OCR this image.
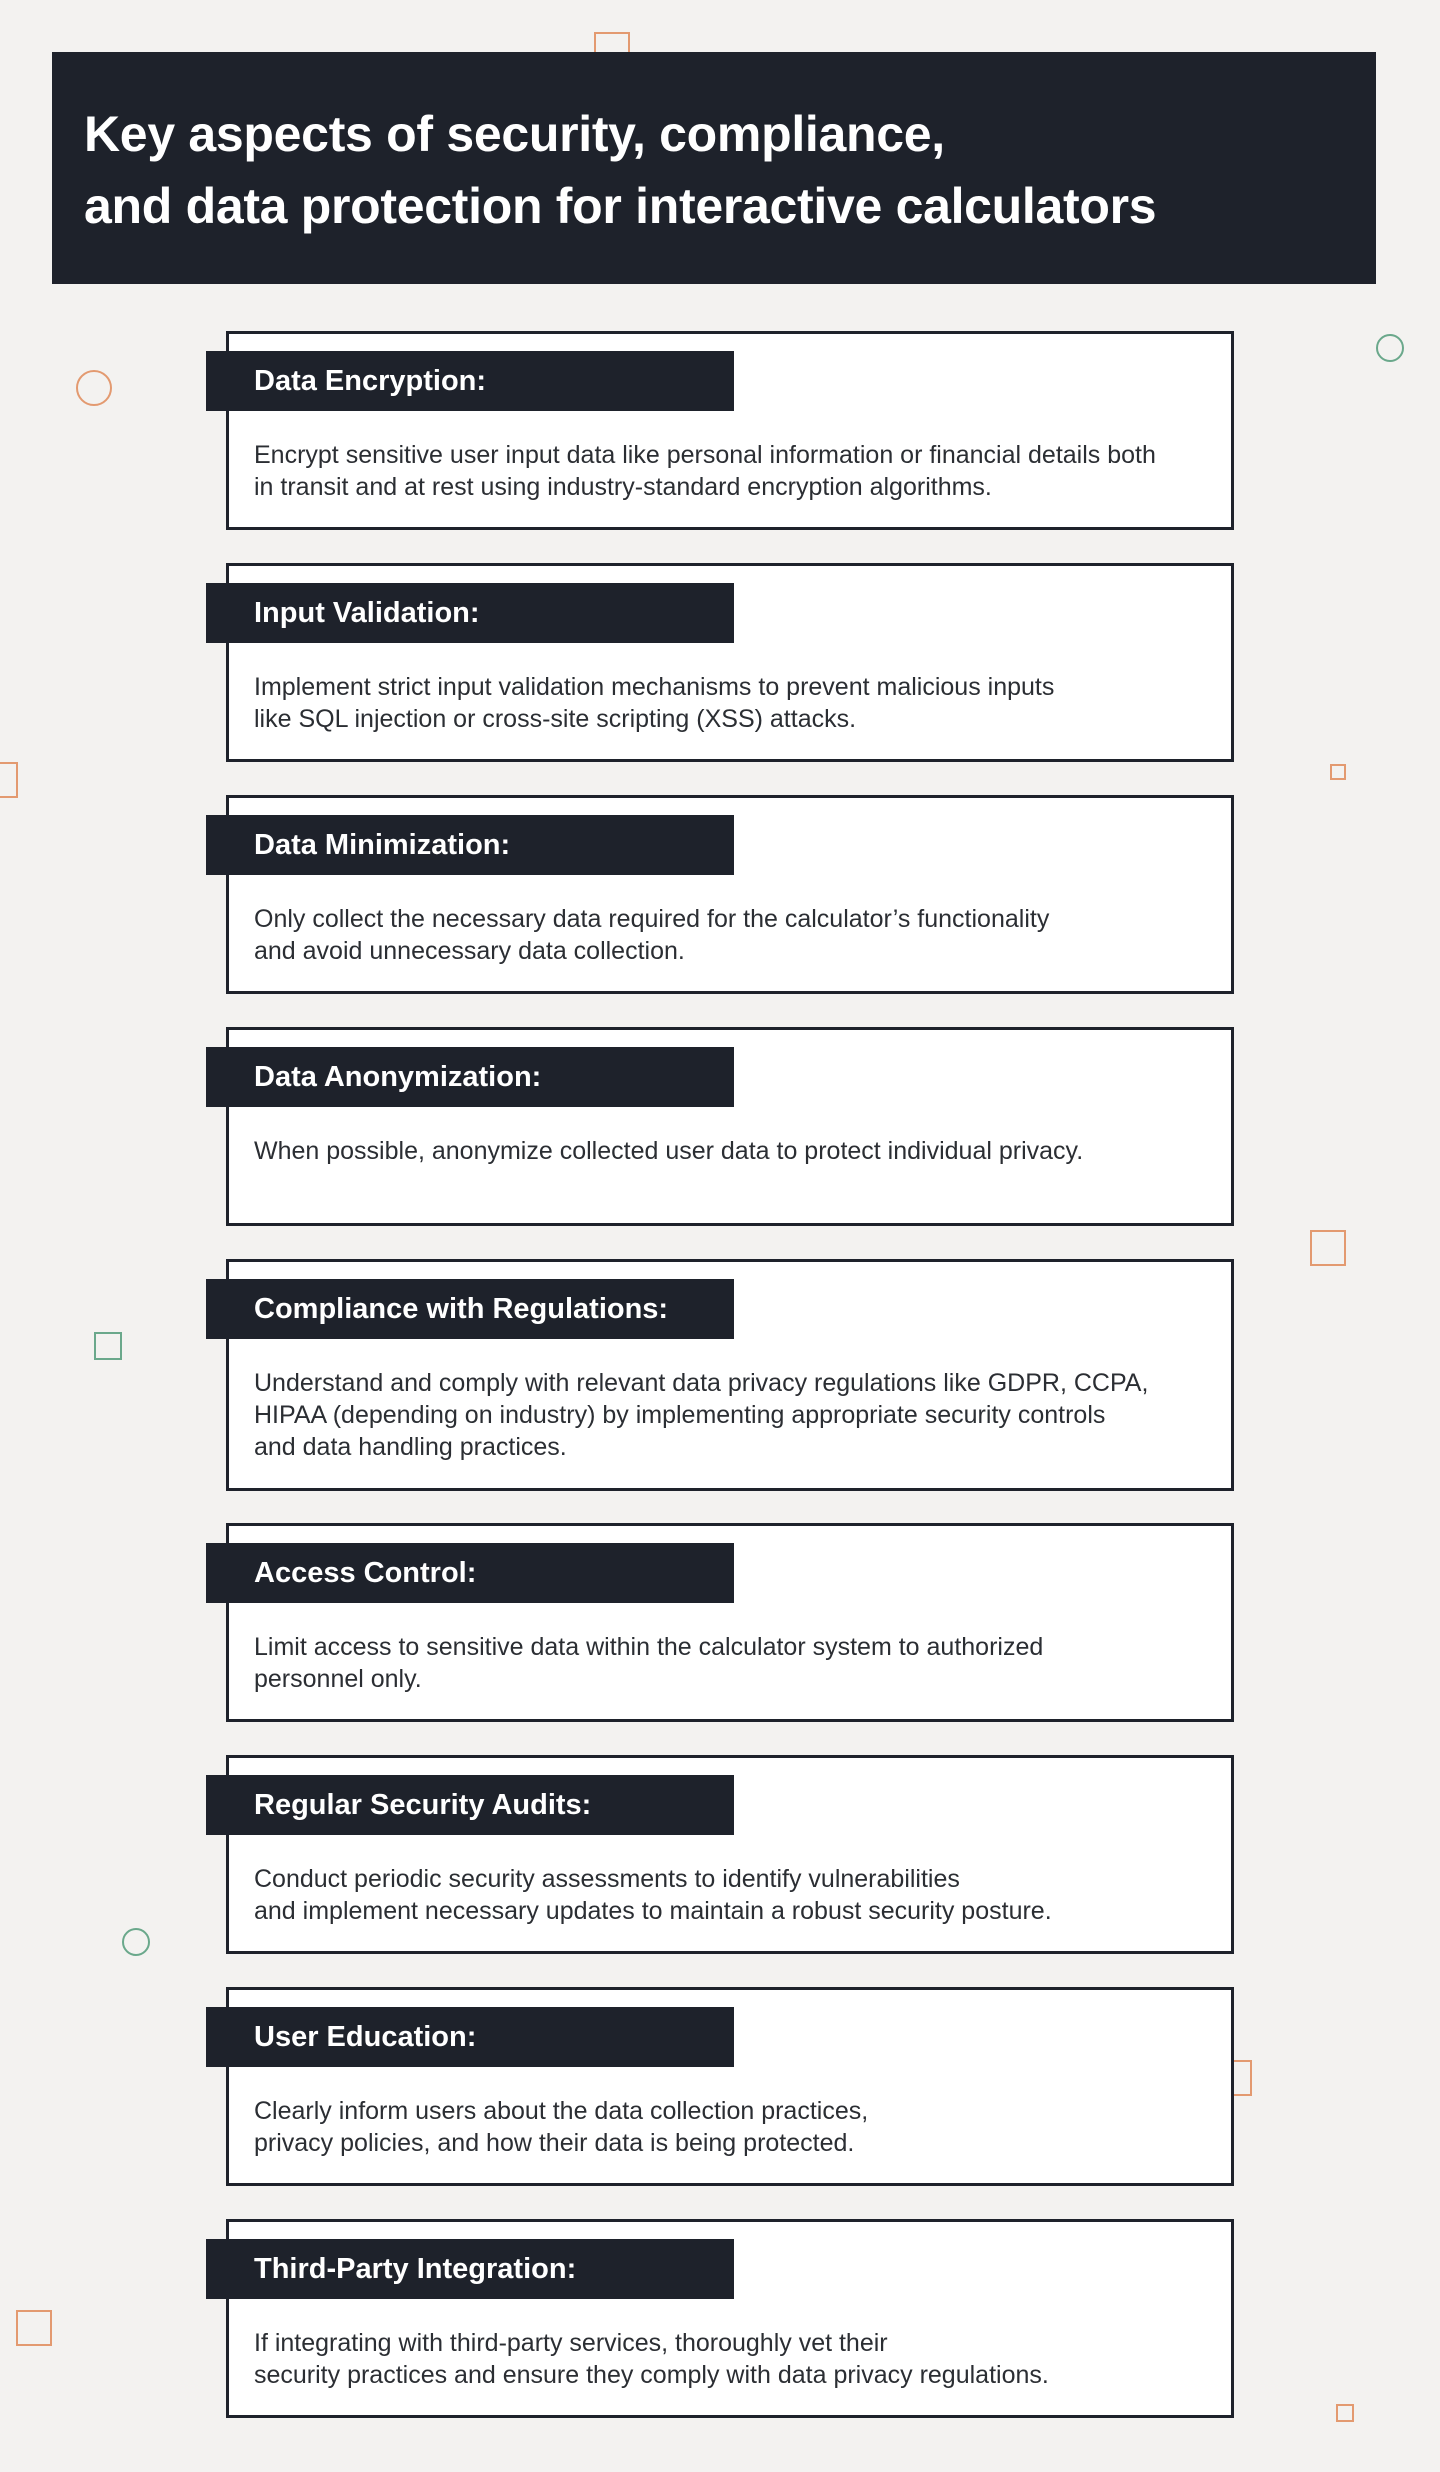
Key aspects of security, compliance,
and data protection for interactive calculators
Data Encryption:

Encrypt sensitive user input data like personal information or financial details both
in transit and at rest using industry-standard encryption algorithms.

Input Validation:

Implement strict input validation mechanisms to prevent malicious inputs
like SQL injection or cross-site scripting (XSS) attacks.

Data Minimization:

Only collect the necessary data required for the calculator’s functionality
and avoid unnecessary data collection.

Data Anonymization:

When possible, anonymize collected user data to protect individual privacy.

Compliance with Regulations:

Understand and comply with relevant data privacy regulations like GDPR, CCPA,
HIPAA (depending on industry) by implementing appropriate security controls
and data handling practices.

Access Control:

Limit access to sensitive data within the calculator system to authorized
personnel only.

Regular Security Audits:

Conduct periodic security assessments to identify vulnerabilities
and implement necessary updates to maintain a robust security posture.

User Education:

Clearly inform users about the data collection practices,
privacy policies, and how their data is being protected.

Third-Party Integration:

If integrating with third-party services, thoroughly vet their
security practices and ensure they comply with data privacy regulations.
